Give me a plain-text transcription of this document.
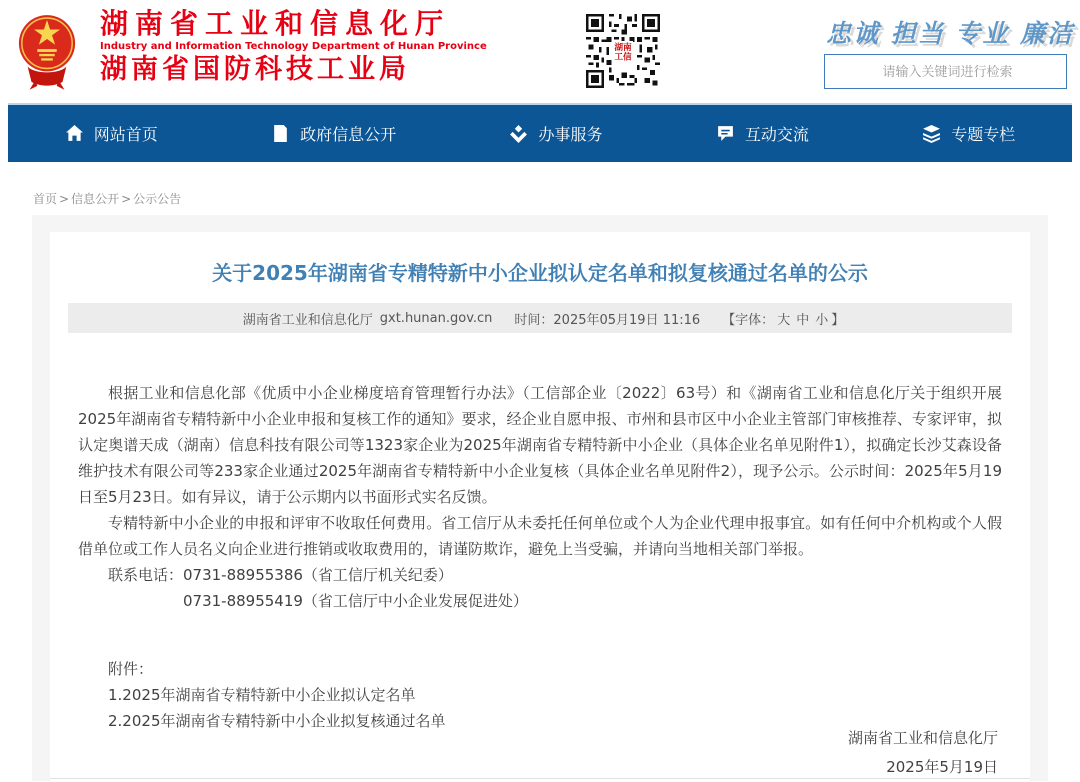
湖南省工业和信息化厅
Industry and Information Technology Department of Hunan Province
湖南省国防科技工业局
湖南
工信
忠诚 担当 专业 廉洁
请输入关键词进行检索
网站首页	政府信息公开	办事服务	互动交流	专题专栏
首页 > 信息公开 > 公示公告
关于2025年湖南省专精特新中小企业拟认定名单和拟复核通过名单的公示
湖南省工业和信息化厅 gxt.hunan.gov.cn 时间：2025年05月19日 11:16 【字体： 大 中 小 】

根据工业和信息化部《优质中小企业梯度培育管理暂行办法》（工信部企业〔2022〕63号）和《湖南省工业和信息化厅关于组织开展2025年湖南省专精特新中小企业申报和复核工作的通知》要求，经企业自愿申报、市州和县市区中小企业主管部门审核推荐、专家评审，拟认定奥谱天成（湖南）信息科技有限公司等1323家企业为2025年湖南省专精特新中小企业（具体企业名单见附件1），拟确定长沙艾森设备维护技术有限公司等233家企业通过2025年湖南省专精特新中小企业复核（具体企业名单见附件2），现予公示。公示时间：2025年5月19日至5月23日。如有异议，请于公示期内以书面形式实名反馈。

专精特新中小企业的申报和评审不收取任何费用。省工信厅从未委托任何单位或个人为企业代理申报事宜。如有任何中介机构或个人假借单位或工作人员名义向企业进行推销或收取费用的，请谨防欺诈，避免上当受骗，并请向当地相关部门举报。

联系电话：0731-88955386（省工信厅机关纪委）

0731-88955419（省工信厅中小企业发展促进处）

附件：
1.2025年湖南省专精特新中小企业拟认定名单
2.2025年湖南省专精特新中小企业拟复核通过名单
湖南省工业和信息化厅
2025年5月19日
